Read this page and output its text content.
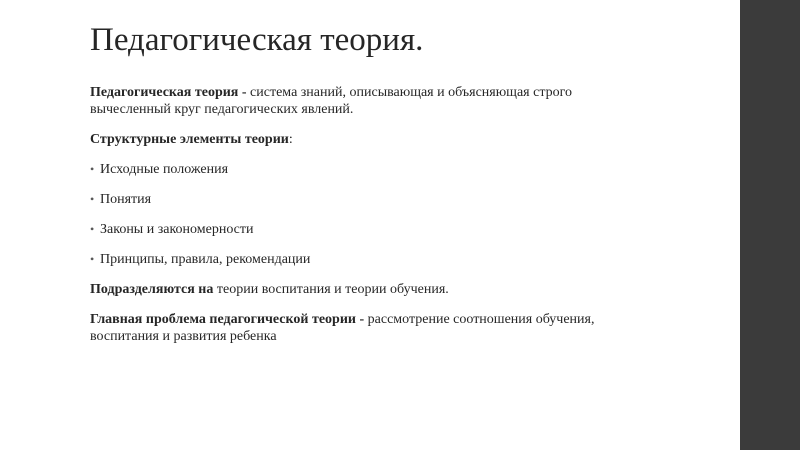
Педагогическая теория.

Педагогическая теория - система знаний, описывающая и объясняющая строго вычесленный круг педагогических явлений.

Структурные элементы теории:

• Исходные положения
• Понятия
• Законы и закономерности
• Принципы, правила, рекомендации

Подразделяются на теории воспитания и теории обучения.

Главная проблема педагогической теории - рассмотрение соотношения обучения, воспитания и развития ребенка
